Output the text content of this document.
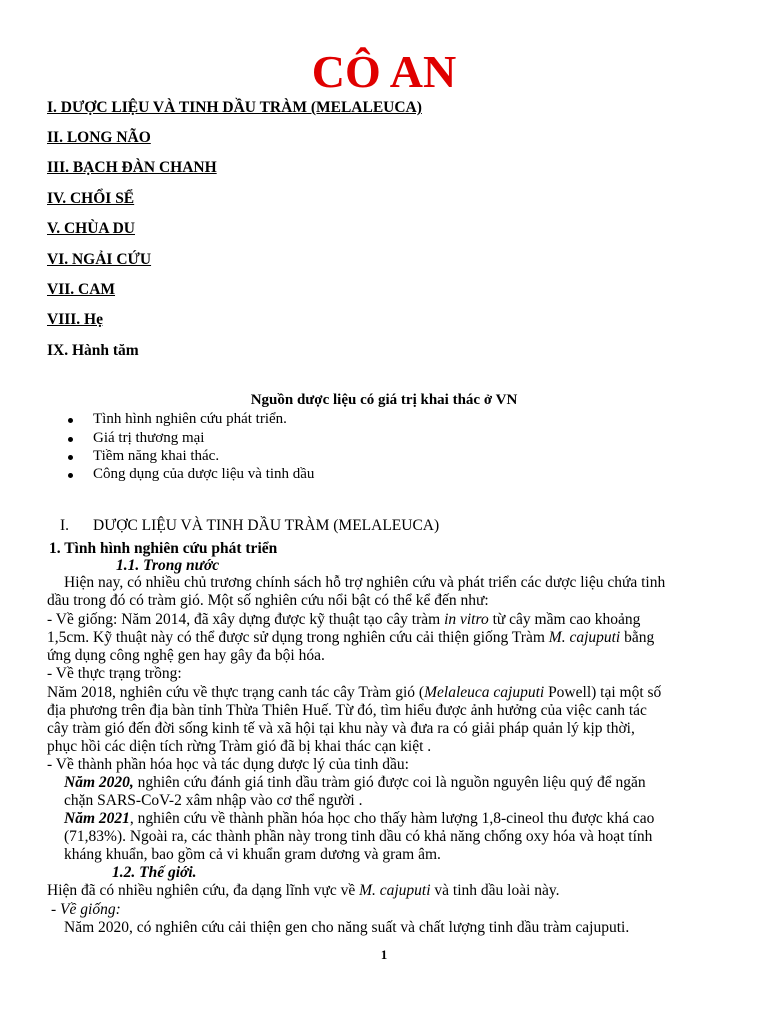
CÔ AN
I. DƯỢC LIỆU VÀ TINH DẦU TRÀM (MELALEUCA)
II. LONG NÃO
III. BẠCH ĐÀN CHANH
IV. CHỔI SỂ
V. CHÙA DU
VI. NGẢI CỨU
VII. CAM
VIII. Hẹ
IX. Hành tăm
Nguồn dược liệu có giá trị khai thác ở VN
Tình hình nghiên cứu phát triển.
Giá trị thương mại
Tiềm năng khai thác.
Công dụng của dược liệu và tinh dầu
I. DƯỢC LIỆU VÀ TINH DẦU TRÀM (MELALEUCA)
1. Tình hình nghiên cứu phát triển
1.1. Trong nước
Hiện nay, có nhiều chủ trương chính sách hỗ trợ nghiên cứu và phát triển các dược liệu chứa tinh
dầu trong đó có tràm gió. Một số nghiên cứu nổi bật có thể kể đến như:
- Về giống: Năm 2014, đã xây dựng được kỹ thuật tạo cây tràm in vitro từ cây mầm cao khoảng
1,5cm. Kỹ thuật này có thể được sử dụng trong nghiên cứu cải thiện giống Tràm M. cajuputi bằng
ứng dụng công nghệ gen hay gây đa bội hóa.
- Về thực trạng trồng:
Năm 2018, nghiên cứu về thực trạng canh tác cây Tràm gió (Melaleuca cajuputi Powell) tại một số
địa phương trên địa bàn tỉnh Thừa Thiên Huế. Từ đó, tìm hiểu được ảnh hưởng của việc canh tác
cây tràm gió đến đời sống kinh tế và xã hội tại khu này và đưa ra có giải pháp quản lý kịp thời,
phục hồi các diện tích rừng Tràm gió đã bị khai thác cạn kiệt .
- Về thành phần hóa học và tác dụng dược lý của tinh dầu:
Năm 2020, nghiên cứu đánh giá tinh dầu tràm gió được coi là nguồn nguyên liệu quý để ngăn
chặn SARS-CoV-2 xâm nhập vào cơ thể người .
Năm 2021, nghiên cứu về thành phần hóa học cho thấy hàm lượng 1,8-cineol thu được khá cao
(71,83%). Ngoài ra, các thành phần này trong tinh dầu có khả năng chống oxy hóa và hoạt tính
kháng khuẩn, bao gồm cả vi khuẩn gram dương và gram âm.
1.2. Thế giới.
Hiện đã có nhiều nghiên cứu, đa dạng lĩnh vực về M. cajuputi và tinh dầu loài này.
- Về giống:
Năm 2020, có nghiên cứu cải thiện gen cho năng suất và chất lượng tinh dầu tràm cajuputi.
1
